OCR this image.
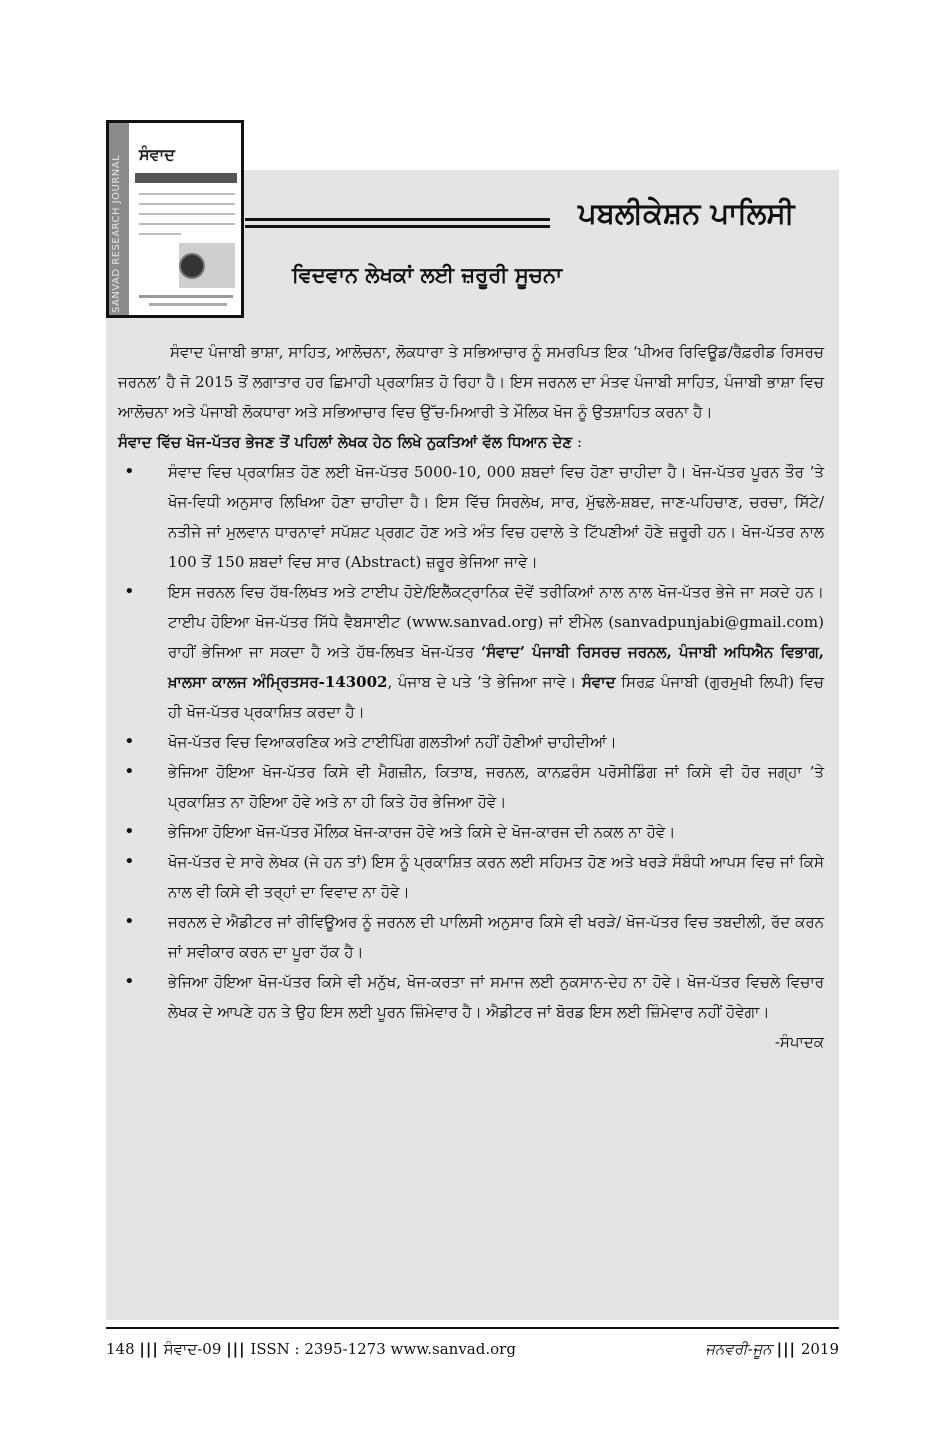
SANVAD RESEARCH JOURNAL
ਸੰਵਾਦ
ਪਬਲੀਕੇਸ਼ਨ ਪਾਲਿਸੀ
ਵਿਦਵਾਨ ਲੇਖਕਾਂ ਲਈ ਜ਼ਰੂਰੀ ਸੂਚਨਾ

ਸੰਵਾਦ ਪੰਜਾਬੀ ਭਾਸ਼ਾ, ਸਾਹਿਤ, ਆਲੋਚਨਾ, ਲੋਕਧਾਰਾ ਤੇ ਸਭਿਆਚਾਰ ਨੂੰ ਸਮਰਪਿਤ ਇਕ ‘ਪੀਅਰ ਰਿਵਿਊਡ/ਰੈਫ਼ਰੀਡ ਰਿਸਰਚ ਜਰਨਲ’ ਹੈ ਜੋ 2015 ਤੋਂ ਲਗਾਤਾਰ ਹਰ ਛਿਮਾਹੀ ਪ੍ਰਕਾਸ਼ਿਤ ਹੋ ਰਿਹਾ ਹੈ। ਇਸ ਜਰਨਲ ਦਾ ਮੰਤਵ ਪੰਜਾਬੀ ਸਾਹਿਤ, ਪੰਜਾਬੀ ਭਾਸ਼ਾ ਵਿਚ ਆਲੋਚਨਾ ਅਤੇ ਪੰਜਾਬੀ ਲੋਕਧਾਰਾ ਅਤੇ ਸਭਿਆਚਾਰ ਵਿਚ ਉੱਚ-ਮਿਆਰੀ ਤੇ ਮੌਲਿਕ ਖੋਜ ਨੂੰ ਉਤਸ਼ਾਹਿਤ ਕਰਨਾ ਹੈ।

ਸੰਵਾਦ ਵਿੱਚ ਖੋਜ-ਪੱਤਰ ਭੇਜਣ ਤੋਂ ਪਹਿਲਾਂ ਲੇਖਕ ਹੇਠ ਲਿਖੇ ਨੁਕਤਿਆਂ ਵੱਲ ਧਿਆਨ ਦੇਣ :

• ਸੰਵਾਦ ਵਿਚ ਪ੍ਰਕਾਸ਼ਿਤ ਹੋਣ ਲਈ ਖੋਜ-ਪੱਤਰ 5000-10, 000 ਸ਼ਬਦਾਂ ਵਿਚ ਹੋਣਾ ਚਾਹੀਦਾ ਹੈ। ਖੋਜ-ਪੱਤਰ ਪੂਰਨ ਤੌਰ ’ਤੇ ਖੋਜ-ਵਿਧੀ ਅਨੁਸਾਰ ਲਿਖਿਆ ਹੋਣਾ ਚਾਹੀਦਾ ਹੈ। ਇਸ ਵਿੱਚ ਸਿਰਲੇਖ, ਸਾਰ, ਮੁੱਢਲੇ-ਸ਼ਬਦ, ਜਾਣ-ਪਹਿਚਾਣ, ਚਰਚਾ, ਸਿੱਟੇ/ਨਤੀਜੇ ਜਾਂ ਮੁਲਵਾਨ ਧਾਰਨਾਵਾਂ ਸਪੱਸ਼ਟ ਪ੍ਰਗਟ ਹੋਣ ਅਤੇ ਅੰਤ ਵਿਚ ਹਵਾਲੇ ਤੇ ਟਿੱਪਣੀਆਂ ਹੋਣੇ ਜ਼ਰੂਰੀ ਹਨ। ਖੋਜ-ਪੱਤਰ ਨਾਲ 100 ਤੋਂ 150 ਸ਼ਬਦਾਂ ਵਿਚ ਸਾਰ (Abstract) ਜ਼ਰੂਰ ਭੇਜਿਆ ਜਾਵੇ।
• ਇਸ ਜਰਨਲ ਵਿਚ ਹੱਥ-ਲਿਖਤ ਅਤੇ ਟਾਈਪ ਹੋਏ/ਇਲੈੱਕਟ੍ਰਾਨਿਕ ਦੋਵੇਂ ਤਰੀਕਿਆਂ ਨਾਲ ਨਾਲ ਖੋਜ-ਪੱਤਰ ਭੇਜੇ ਜਾ ਸਕਦੇ ਹਨ। ਟਾਈਪ ਹੋਇਆ ਖੋਜ-ਪੱਤਰ ਸਿੱਧੇ ਵੈਬਸਾਈਟ (www.sanvad.org) ਜਾਂ ਈਮੇਲ (sanvadpunjabi@gmail.com) ਰਾਹੀਂ ਭੇਜਿਆ ਜਾ ਸਕਦਾ ਹੈ ਅਤੇ ਹੱਥ-ਲਿਖਤ ਖੋਜ-ਪੱਤਰ ‘ਸੰਵਾਦ’ ਪੰਜਾਬੀ ਰਿਸਰਚ ਜਰਨਲ, ਪੰਜਾਬੀ ਅਧਿਐਨ ਵਿਭਾਗ, ਖ਼ਾਲਸਾ ਕਾਲਜ ਅੰਮ੍ਰਿਤਸਰ-143002, ਪੰਜਾਬ ਦੇ ਪਤੇ ’ਤੇ ਭੇਜਿਆ ਜਾਵੇ। ਸੰਵਾਦ ਸਿਰਫ਼ ਪੰਜਾਬੀ (ਗੁਰਮੁਖੀ ਲਿਪੀ) ਵਿਚ ਹੀ ਖੋਜ-ਪੱਤਰ ਪ੍ਰਕਾਸ਼ਿਤ ਕਰਦਾ ਹੈ।
• ਖੋਜ-ਪੱਤਰ ਵਿਚ ਵਿਆਕਰਣਿਕ ਅਤੇ ਟਾਈਪਿੰਗ ਗਲਤੀਆਂ ਨਹੀਂ ਹੋਣੀਆਂ ਚਾਹੀਦੀਆਂ।
• ਭੇਜਿਆ ਹੋਇਆ ਖੋਜ-ਪੱਤਰ ਕਿਸੇ ਵੀ ਮੈਗਜ਼ੀਨ, ਕਿਤਾਬ, ਜਰਨਲ, ਕਾਨਫ਼ਰੰਸ ਪਰੋਸੀਡਿੰਗ ਜਾਂ ਕਿਸੇ ਵੀ ਹੋਰ ਜਗ੍ਹਾ ’ਤੇ ਪ੍ਰਕਾਸ਼ਿਤ ਨਾ ਹੋਇਆ ਹੋਵੇ ਅਤੇ ਨਾ ਹੀ ਕਿਤੇ ਹੋਰ ਭੇਜਿਆ ਹੋਵੇ।
• ਭੇਜਿਆ ਹੋਇਆ ਖੋਜ-ਪੱਤਰ ਮੌਲਿਕ ਖੋਜ-ਕਾਰਜ ਹੋਵੇ ਅਤੇ ਕਿਸੇ ਦੇ ਖੋਜ-ਕਾਰਜ ਦੀ ਨਕਲ ਨਾ ਹੋਵੇ।
• ਖੋਜ-ਪੱਤਰ ਦੇ ਸਾਰੇ ਲੇਖਕ (ਜੇ ਹਨ ਤਾਂ) ਇਸ ਨੂੰ ਪ੍ਰਕਾਸ਼ਿਤ ਕਰਨ ਲਈ ਸਹਿਮਤ ਹੋਣ ਅਤੇ ਖਰੜੇ ਸੰਬੰਧੀ ਆਪਸ ਵਿਚ ਜਾਂ ਕਿਸੇ ਨਾਲ ਵੀ ਕਿਸੇ ਵੀ ਤਰ੍ਹਾਂ ਦਾ ਵਿਵਾਦ ਨਾ ਹੋਵੇ।
• ਜਰਨਲ ਦੇ ਐਡੀਟਰ ਜਾਂ ਰੀਵਿਊਅਰ ਨੂੰ ਜਰਨਲ ਦੀ ਪਾਲਿਸੀ ਅਨੁਸਾਰ ਕਿਸੇ ਵੀ ਖਰੜੇ/ ਖੋਜ-ਪੱਤਰ ਵਿਚ ਤਬਦੀਲੀ, ਰੱਦ ਕਰਨ ਜਾਂ ਸਵੀਕਾਰ ਕਰਨ ਦਾ ਪੂਰਾ ਹੱਕ ਹੈ।
• ਭੇਜਿਆ ਹੋਇਆ ਖੋਜ-ਪੱਤਰ ਕਿਸੇ ਵੀ ਮਨੁੱਖ, ਖੋਜ-ਕਰਤਾ ਜਾਂ ਸਮਾਜ ਲਈ ਨੁਕਸਾਨ-ਦੇਹ ਨਾ ਹੋਵੇ। ਖੋਜ-ਪੱਤਰ ਵਿਚਲੇ ਵਿਚਾਰ ਲੇਖਕ ਦੇ ਆਪਣੇ ਹਨ ਤੇ ਉਹ ਇਸ ਲਈ ਪੂਰਨ ਜ਼ਿੰਮੇਵਾਰ ਹੈ। ਐਡੀਟਰ ਜਾਂ ਬੋਰਡ ਇਸ ਲਈ ਜ਼ਿੰਮੇਵਾਰ ਨਹੀਂ ਹੋਵੇਗਾ।

-ਸੰਪਾਦਕ

148 ||| ਸੰਵਾਦ-09 ||| ISSN : 2395-1273 www.sanvad.org	ਜਨਵਰੀ-ਜੂਨ ||| 2019
